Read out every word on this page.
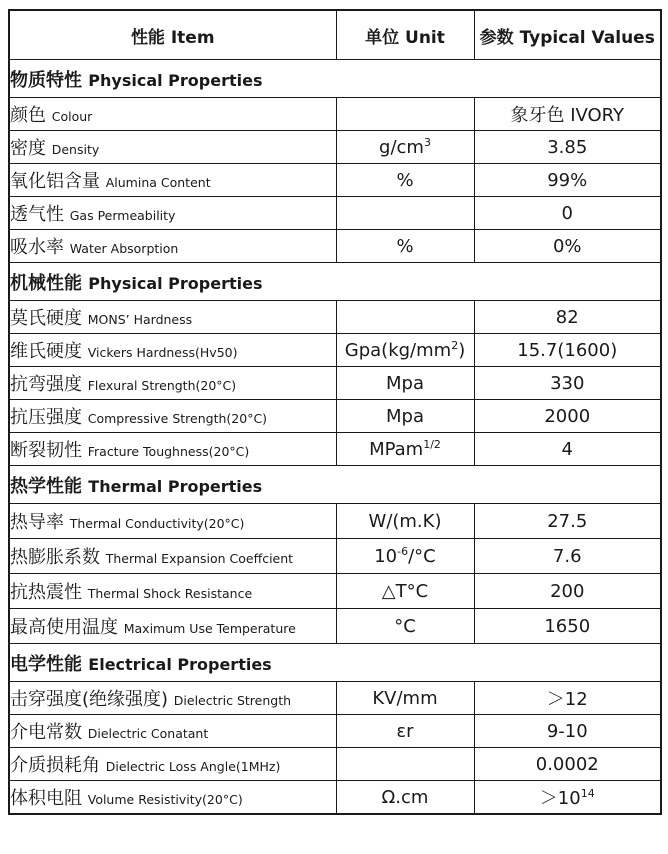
性能 Item	单位 Unit	参数 Typical Values
物质特性 Physical Properties		
颜色 Colour		象牙色 IVORY
密度 Density	$g/cm^3$	3.85
氧化铝含量 Alumina Content	%	99%
透气性 Gas Permeability		0
吸水率 Water Absorption	%	0%
机械性能 Physical Properties		
莫氏硬度 MONS’ Hardness		82
维氏硬度 Vickers Hardness(Hv50)	$Gpa(kg/mm^2)$	15.7(1600)
抗弯强度 Flexural Strength(20°C)	Mpa	330
抗压强度 Compressive Strength(20°C)	Mpa	2000
断裂韧性 Fracture Toughness(20°C)	MPam$^{1/2}$	4
热学性能 Thermal Properties		
热导率 Thermal Conductivity(20°C)	W/(m.K)	27.5
热膨胀系数 Thermal Expansion Coeffcient	$10^{-6}/^\circ C$	7.6
抗热震性 Thermal Shock Resistance	△T°C	200
最高使用温度 Maximum Use Temperature	°C	1650
电学性能 Electrical Properties		
击穿强度(绝缘强度) Dielectric Strength	KV/mm	＞12
介电常数 Dielectric Conatant	εr	9-10
介质损耗角 Dielectric Loss Angle(1MHz)		0.0002
体积电阻 Volume Resistivity(20°C)	Ω.cm	$>10^{14}$
